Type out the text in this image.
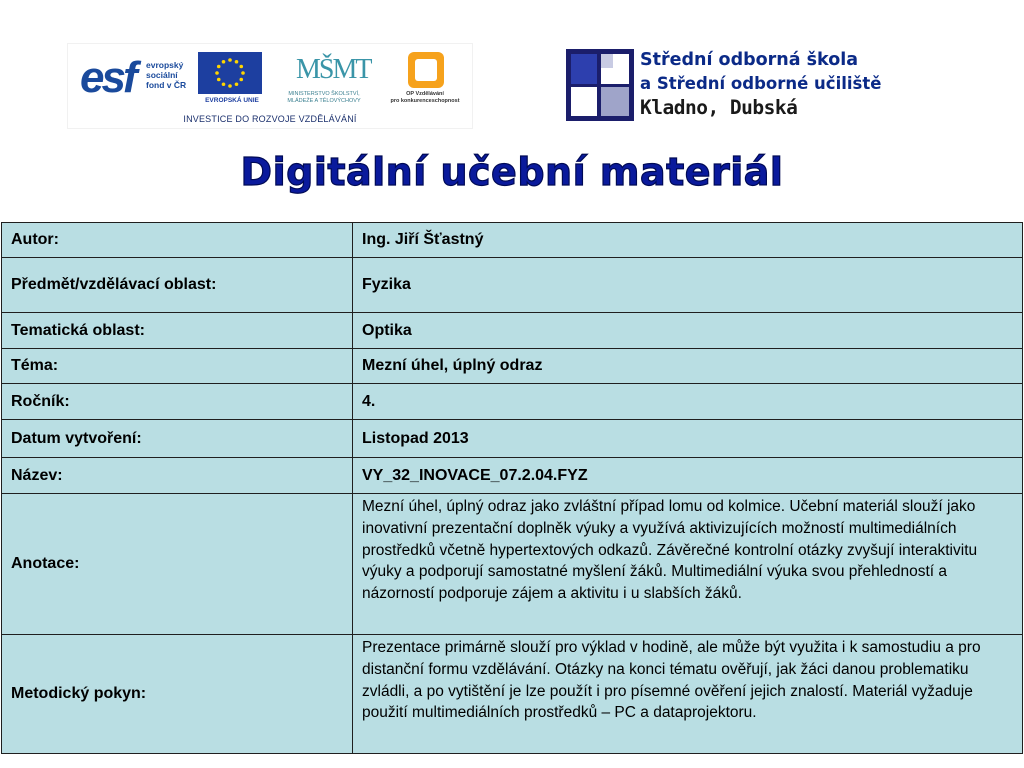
esf	evropský
sociální
fond v ČR
EVROPSKÁ UNIE
MŠMT
MINISTERSTVO ŠKOLSTVÍ,
MLÁDEŽE A TĚLOVÝCHOVY
OP Vzdělávání
pro konkurenceschopnost
INVESTICE DO ROZVOJE VZDĚLÁVÁNÍ
Střední odborná škola
a Střední odborné učiliště
Kladno, Dubská
Digitální učební materiál
Autor:	Ing. Jiří Šťastný
Předmět/vzdělávací oblast:	Fyzika
Tematická oblast:	Optika
Téma:	Mezní úhel, úplný odraz
Ročník:	4.
Datum vytvoření:	Listopad 2013
Název:	VY_32_INOVACE_07.2.04.FYZ
Anotace:	Mezní úhel, úplný odraz jako zvláštní případ lomu od kolmice. Učební materiál slouží jako inovativní prezentační doplněk výuky a využívá aktivizujících možností multimediálních prostředků včetně hypertextových odkazů. Závěrečné kontrolní otázky zvyšují interaktivitu výuky a podporují samostatné myšlení žáků. Multimediální výuka svou přehledností a názorností podporuje zájem a aktivitu i u slabších žáků.
Metodický pokyn:	Prezentace primárně slouží pro výklad v hodině, ale může být využita i k samostudiu a pro distanční formu vzdělávání. Otázky na konci tématu ověřují, jak žáci danou problematiku zvládli, a po vytištění je lze použít i pro písemné ověření jejich znalostí. Materiál vyžaduje použití multimediálních prostředků – PC a dataprojektoru.
